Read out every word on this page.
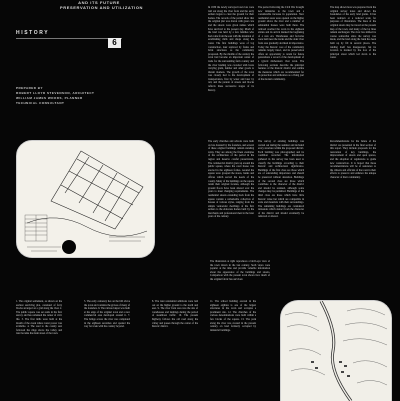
AND ITS FUTURE
PRESERVATION AND UTILIZATION
HISTORY
6
PREPARED BY
ROBERT LLOYD STEVENSON, ARCHITECT
WILLIAM JAMES WOODS, PLANNER
TECHNICAL CONSULTANT
In 1830 the newly surveyed town lots were laid out along the river front and the early settlers began to clear the ground for their homes. The records of the period show that the original plat was drawn with great care and the streets were given names which have survived to the present day. Much of the land was held by a few families who had come from the east with the intention of establishing mills and shops along the water. The first buildings were of log construction, later replaced by frame and brick structures as the community prospered. By the middle of the century the town had become an important center of trade for the surrounding farm country and the river landing was crowded with boats carrying grain, lumber and other goods to distant markets. The growth of the town was closely tied to the development of transportation, first by water and later by rail, and the pattern of streets and blocks reflects these successive stages of its history.
The early churches and schools were built on lots donated by the founders, and several of these original buildings remain standing today. They are among the finest examples of the architecture of the period in the region and deserve careful preservation. The commercial district grew up around the public square, where the court house was erected in the eighteen forties. Around the square were grouped the stores, banks and offices which served the needs of the county. Many of the buildings on the square retain their original facades, although the ground floors have been altered over the years to meet changing requirements. The residential streets extending back from the square contain a remarkable collection of houses of various styles, ranging from the simple vernacular dwellings of the first settlers to the elaborate homes built by the merchants and professional men in the later years of the century.
The period following the Civil War brought new industries to the town and a considerable increase in population. New residential areas were opened on the higher ground above the river and a number of substantial houses were built there. The railroad reached the town in the eighteen sixties and its arrival marked the beginning of a new era. Warehouses and factories were built near the tracks and the older river front area gradually declined in importance. Today the historic core of the community remains largely intact, and its preservation offers an opportunity to retain for future generations a record of the development of a typical midwestern river town. The following sections describe the principal features of the historic district and outline the measures which are recommended for its protection and utilization as a living part of the modern community.
The survey of existing buildings was carried out during the summer and included every structure within the proposed district. Each building was photographed and its condition recorded. The information gathered in the survey has been used to classify the buildings according to their historic and architectural significance. Buildings of the first class are those which are of outstanding importance and should be preserved without alteration. Buildings of the second class are those which contribute to the character of the district and should be retained, although some changes may be permitted. Buildings of the third class are those which have little historic value but which are compatible in scale and materials with their surroundings. The remaining buildings are considered intrusions which detract from the character of the district and should eventually be removed or altered.
The map shown here was prepared from the original survey notes and shows the boundaries of the early land grants. It has been redrawn at a reduced scale for purposes of illustration. The lines of the original streets may be traced on the present map of the town, and many of the lot lines remain unchanged. The river has shifted its course somewhat since the survey was made, and the land along the bank has been built up by fill in several places. The landing itself has disappeared, but its location is marked by the foot of the principal street which led down to the water.
Recommendations for the future of the district are presented in the final section of this report. They include proposals for the restoration of key buildings, the improvement of streets and open spaces, and the adoption of regulations to guide new construction. It is hoped that these recommendations will be of assistance to the citizens and officials of the town in their efforts to preserve and enhance the unique character of their community.
1. The original settlement, as shown on the earliest surviving plat, consisted of forty blocks arranged on a grid along the river. 2. The public square was set aside in the first survey and has remained the center of civic life. 3. The first mills were built at the mouth of the creek where water power was available. 4. The road to the county seat followed the ridge above the valley and later became the main street of the town.
5. The early cemetery lies on the hill above the town and contains the graves of many of the founders. 6. The railroad depot was built at the edge of the original town and a new commercial area developed around it. 7. The bridge across the river was completed in the eighteen seventies and opened the way for trade with the country beyond.
8. The later residential additions were laid out on the higher ground to the north and east. 9. The river front area was the site of warehouses and landings during the period of steamboat traffic. 10. The present highway follows the old road along the valley and passes through the center of the historic district.
11. The school building erected in the eighteen eighties is one of the largest structures in the town and occupies a prominent site. 12. The churches of the various denominations were built within a few blocks of the square. 13. The park along the river was created in the present century on land formerly occupied by industrial buildings.
The illustration at right reproduces a bird's-eye view of the town drawn in the last century. Such views were popular at the time and provide valuable information about the appearance of the buildings and streets. Comparison with the present town shows how much of the original fabric has survived.
